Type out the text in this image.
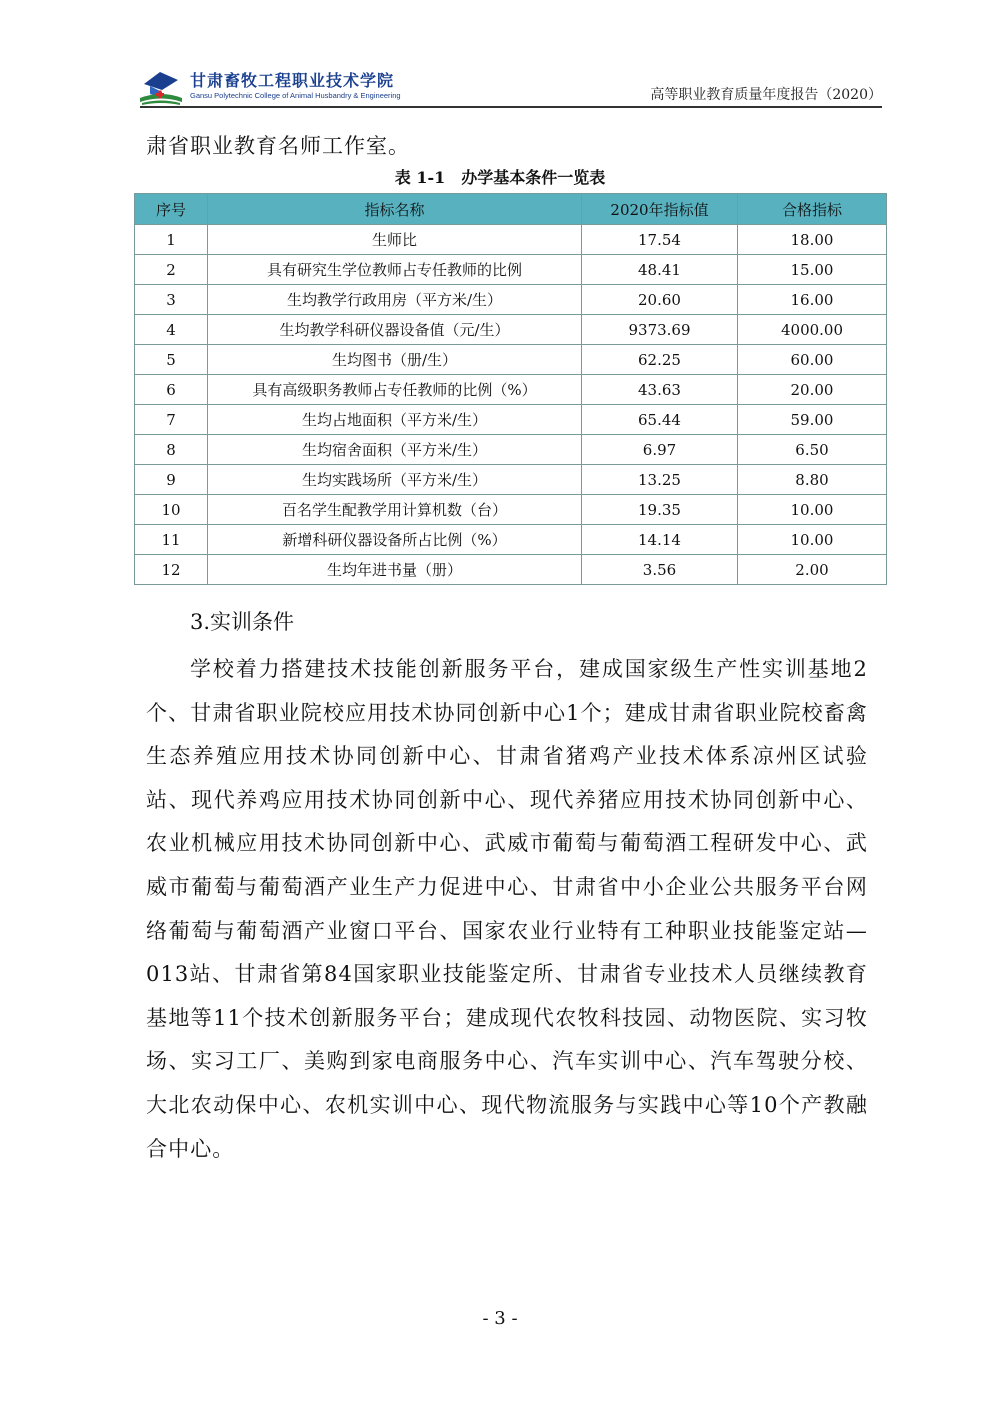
甘肃畜牧工程职业技术学院
Gansu Polytechnic College of Animal Husbandry & Engineering	高等职业教育质量年度报告（2020）
肃省职业教育名师工作室。
表 1-1　办学基本条件一览表
序号	指标名称	2020年指标值	合格指标
1	生师比	17.54	18.00
2	具有研究生学位教师占专任教师的比例	48.41	15.00
3	生均教学行政用房（平方米/生）	20.60	16.00
4	生均教学科研仪器设备值（元/生）	9373.69	4000.00
5	生均图书（册/生）	62.25	60.00
6	具有高级职务教师占专任教师的比例（%）	43.63	20.00
7	生均占地面积（平方米/生）	65.44	59.00
8	生均宿舍面积（平方米/生）	6.97	6.50
9	生均实践场所（平方米/生）	13.25	8.80
10	百名学生配教学用计算机数（台）	19.35	10.00
11	新增科研仪器设备所占比例（%）	14.14	10.00
12	生均年进书量（册）	3.56	2.00
3.实训条件
学校着力搭建技术技能创新服务平台，建成国家级生产性实训基地2个、甘肃省职业院校应用技术协同创新中心1个；建成甘肃省职业院校畜禽生态养殖应用技术协同创新中心、甘肃省猪鸡产业技术体系凉州区试验站、现代养鸡应用技术协同创新中心、现代养猪应用技术协同创新中心、农业机械应用技术协同创新中心、武威市葡萄与葡萄酒工程研发中心、武威市葡萄与葡萄酒产业生产力促进中心、甘肃省中小企业公共服务平台网络葡萄与葡萄酒产业窗口平台、国家农业行业特有工种职业技能鉴定站—013站、甘肃省第84国家职业技能鉴定所、甘肃省专业技术人员继续教育基地等11个技术创新服务平台；建成现代农牧科技园、动物医院、实习牧场、实习工厂、美购到家电商服务中心、汽车实训中心、汽车驾驶分校、大北农动保中心、农机实训中心、现代物流服务与实践中心等10个产教融合中心。
- 3 -
